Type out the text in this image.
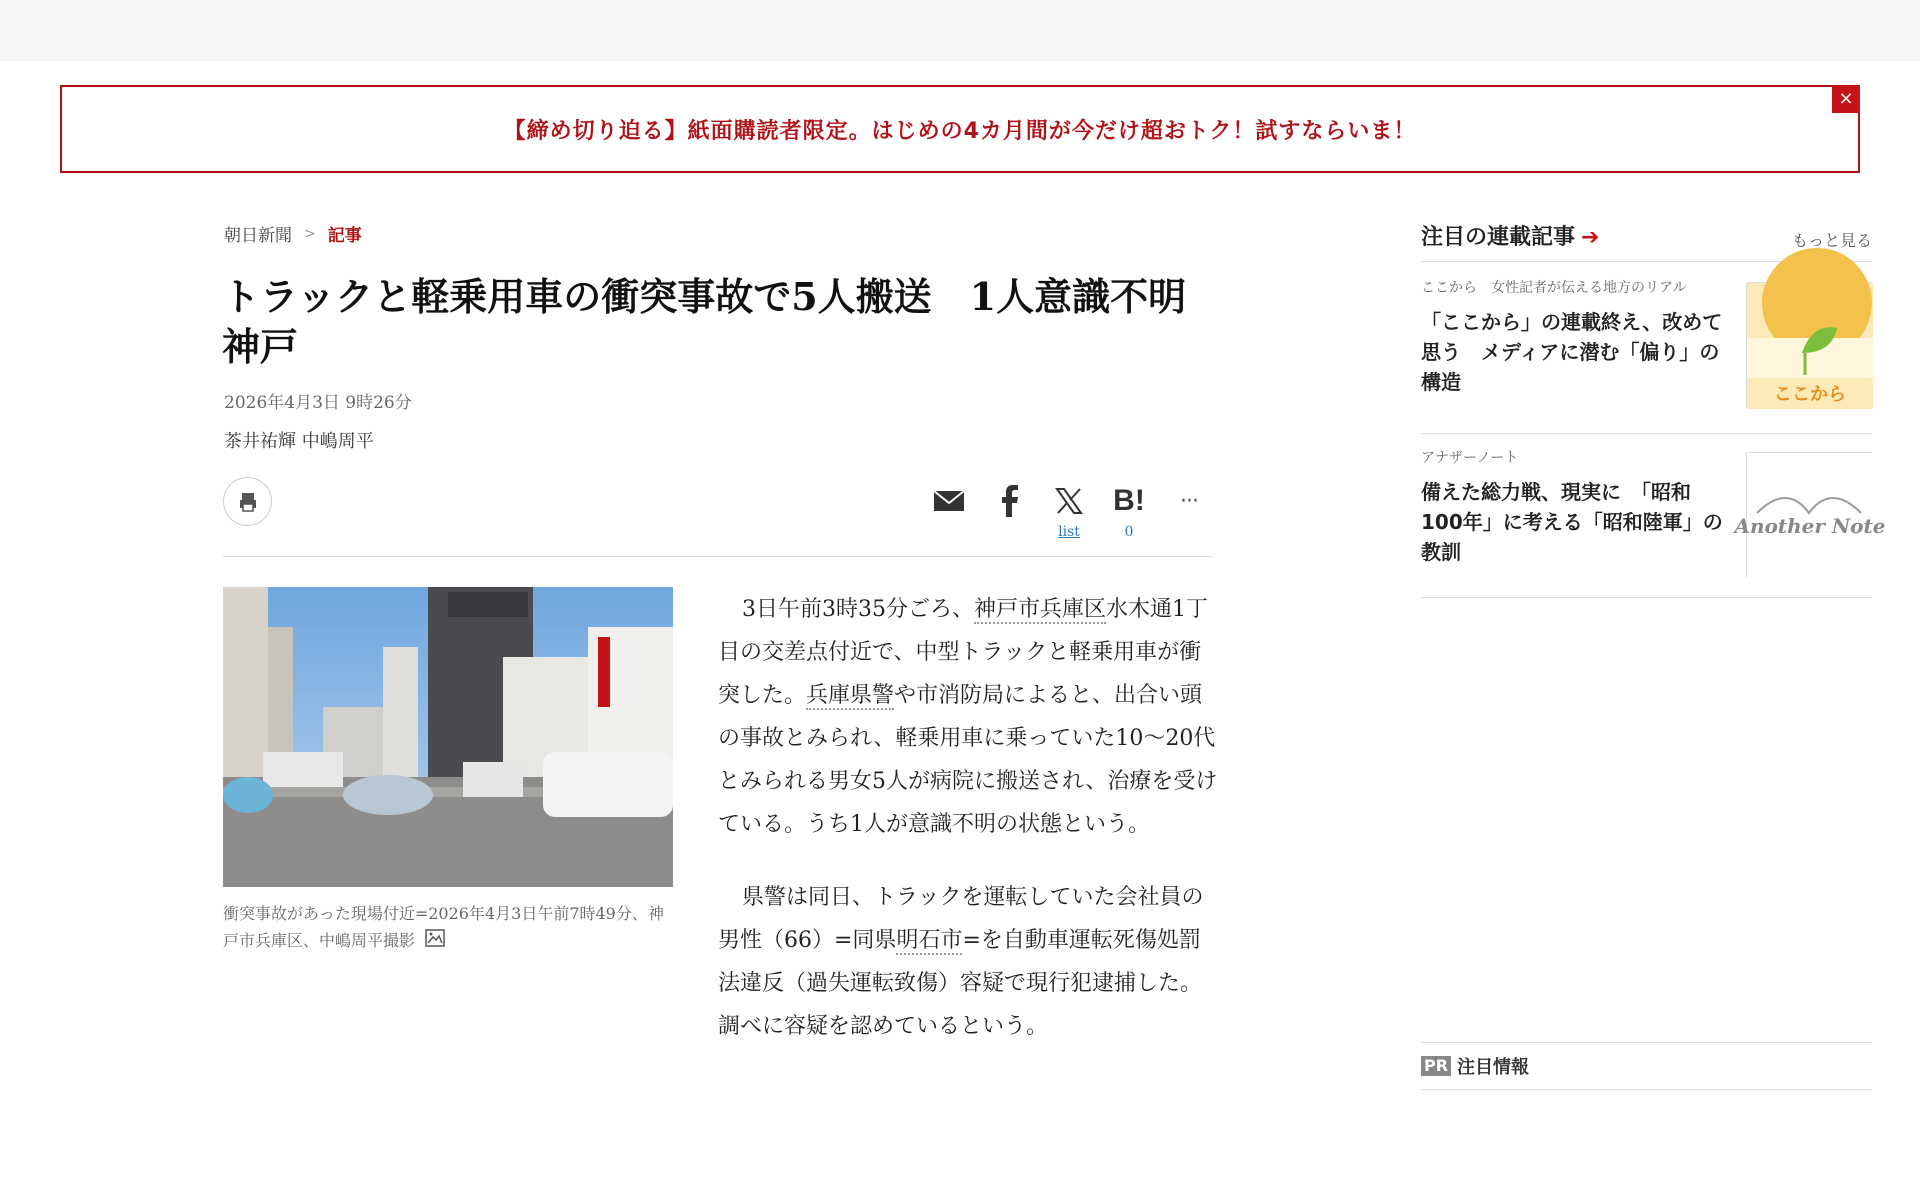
【締め切り迫る】紙面購読者限定。はじめの4カ月間が今だけ超おトク！試すならいま！
×
朝日新聞 > 記事
トラックと軽乗用車の衝突事故で5人搬送　1人意識不明　神戸
2026年4月3日 9時26分
茶井祐輝 中嶋周平
list
B!
0
···
衝突事故があった現場付近=2026年4月3日午前7時49分、神戸市兵庫区、中嶋周平撮影

3日午前3時35分ごろ、神戸市兵庫区水木通1丁目の交差点付近で、中型トラックと軽乗用車が衝突した。兵庫県警や市消防局によると、出合い頭の事故とみられ、軽乗用車に乗っていた10～20代とみられる男女5人が病院に搬送され、治療を受けている。うち1人が意識不明の状態という。

県警は同日、トラックを運転していた会社員の男性（66）=同県明石市=を自動車運転死傷処罰法違反（過失運転致傷）容疑で現行犯逮捕した。調べに容疑を認めているという。

注目の連載記事 ➔	もっと見る
ここから　女性記者が伝える地方のリアル
「ここから」の連載終え、改めて思う　メディアに潜む「偏り」の構造
ここから
アナザーノート
備えた総力戦、現実に　「昭和100年」に考える「昭和陸軍」の教訓
Another Note
PR 注目情報
